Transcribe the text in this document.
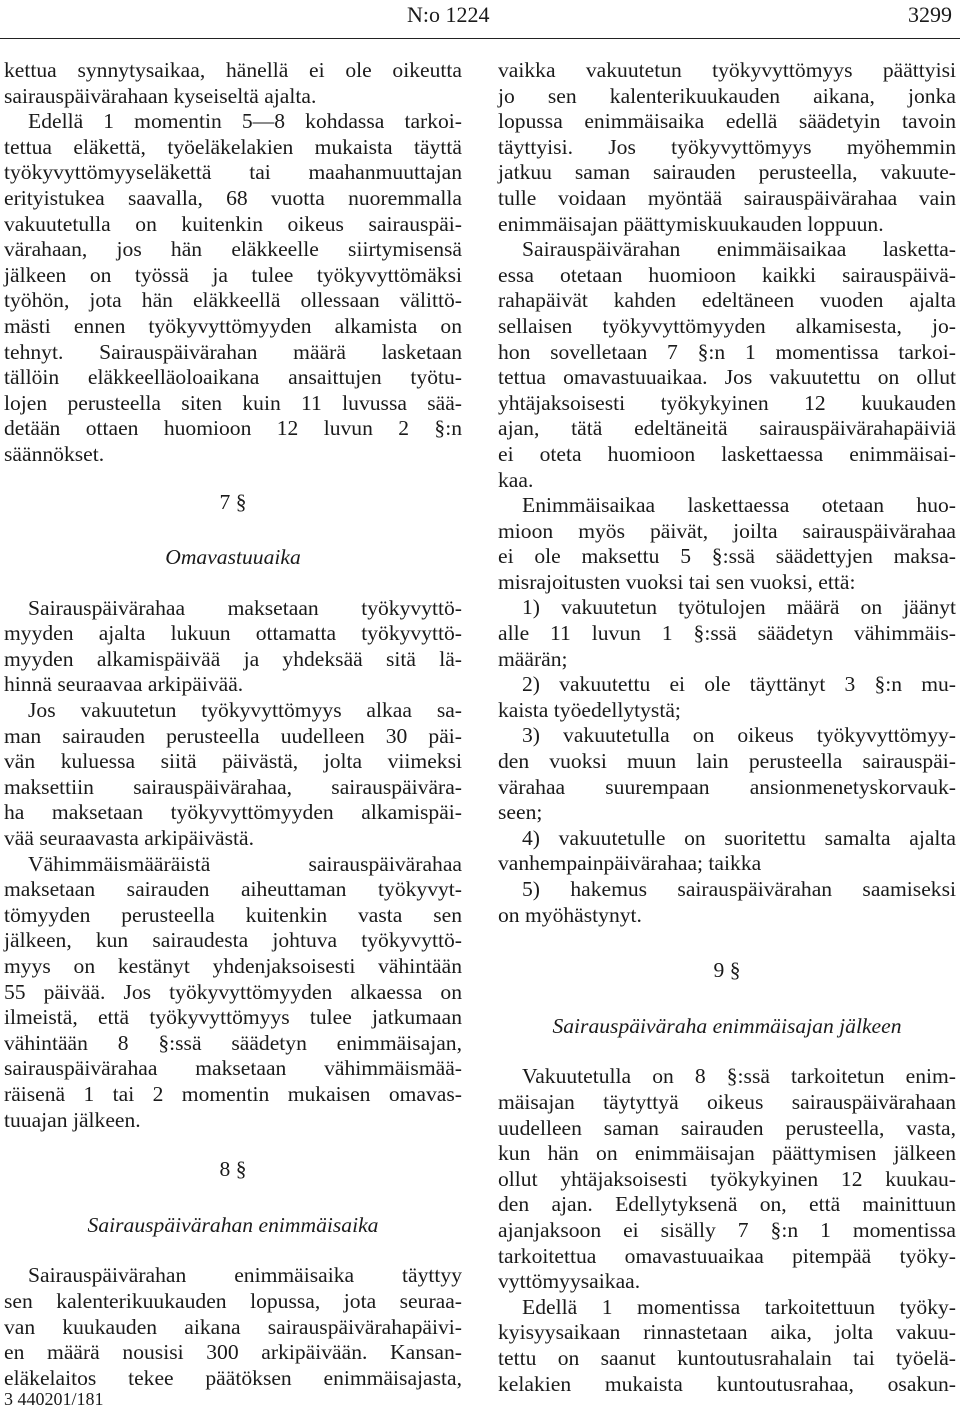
N:o 1224	3299
kettua synnytysaikaa, hänellä ei ole oikeutta
sairauspäivärahaan kyseiseltä ajalta.
Edellä 1 momentin 5—8 kohdassa tarkoi-
tettua eläkettä, työeläkelakien mukaista täyttä
työkyvyttömyyseläkettä tai maahanmuuttajan
erityistukea saavalla, 68 vuotta nuoremmalla
vakuutetulla on kuitenkin oikeus sairauspäi-
värahaan, jos hän eläkkeelle siirtymisensä
jälkeen on työssä ja tulee työkyvyttömäksi
työhön, jota hän eläkkeellä ollessaan välittö-
mästi ennen työkyvyttömyyden alkamista on
tehnyt. Sairauspäivärahan määrä lasketaan
tällöin eläkkeelläoloaikana ansaittujen työtu-
lojen perusteella siten kuin 11 luvussa sää-
detään ottaen huomioon 12 luvun 2 §:n
säännökset.
7 §
Omavastuuaika
Sairauspäivärahaa maksetaan työkyvyttö-
myyden ajalta lukuun ottamatta työkyvyttö-
myyden alkamispäivää ja yhdeksää sitä lä-
hinnä seuraavaa arkipäivää.
Jos vakuutetun työkyvyttömyys alkaa sa-
man sairauden perusteella uudelleen 30 päi-
vän kuluessa siitä päivästä, jolta viimeksi
maksettiin sairauspäivärahaa, sairauspäivära-
ha maksetaan työkyvyttömyyden alkamispäi-
vää seuraavasta arkipäivästä.
Vähimmäismääräistä sairauspäivärahaa
maksetaan sairauden aiheuttaman työkyvyt-
tömyyden perusteella kuitenkin vasta sen
jälkeen, kun sairaudesta johtuva työkyvyttö-
myys on kestänyt yhdenjaksoisesti vähintään
55 päivää. Jos työkyvyttömyyden alkaessa on
ilmeistä, että työkyvyttömyys tulee jatkumaan
vähintään 8 §:ssä säädetyn enimmäisajan,
sairauspäivärahaa maksetaan vähimmäismää-
räisenä 1 tai 2 momentin mukaisen omavas-
tuuajan jälkeen.
8 §
Sairauspäivärahan enimmäisaika
Sairauspäivärahan enimmäisaika täyttyy
sen kalenterikuukauden lopussa, jota seuraa-
van kuukauden aikana sairauspäivärahapäivi-
en määrä nousisi 300 arkipäivään. Kansan-
eläkelaitos tekee päätöksen enimmäisajasta,
vaikka vakuutetun työkyvyttömyys päättyisi
jo sen kalenterikuukauden aikana, jonka
lopussa enimmäisaika edellä säädetyin tavoin
täyttyisi. Jos työkyvyttömyys myöhemmin
jatkuu saman sairauden perusteella, vakuute-
tulle voidaan myöntää sairauspäivärahaa vain
enimmäisajan päättymiskuukauden loppuun.
Sairauspäivärahan enimmäisaikaa lasketta-
essa otetaan huomioon kaikki sairauspäivä-
rahapäivät kahden edeltäneen vuoden ajalta
sellaisen työkyvyttömyyden alkamisesta, jo-
hon sovelletaan 7 §:n 1 momentissa tarkoi-
tettua omavastuuaikaa. Jos vakuutettu on ollut
yhtäjaksoisesti työkykyinen 12 kuukauden
ajan, tätä edeltäneitä sairauspäivärahapäiviä
ei oteta huomioon laskettaessa enimmäisai-
kaa.
Enimmäisaikaa laskettaessa otetaan huo-
mioon myös päivät, joilta sairauspäivärahaa
ei ole maksettu 5 §:ssä säädettyjen maksa-
misrajoitusten vuoksi tai sen vuoksi, että:
1) vakuutetun työtulojen määrä on jäänyt
alle 11 luvun 1 §:ssä säädetyn vähimmäis-
määrän;
2) vakuutettu ei ole täyttänyt 3 §:n mu-
kaista työedellytystä;
3) vakuutetulla on oikeus työkyvyttömyy-
den vuoksi muun lain perusteella sairauspäi-
värahaa suurempaan ansionmenetyskorvauk-
seen;
4) vakuutetulle on suoritettu samalta ajalta
vanhempainpäivärahaa; taikka
5) hakemus sairauspäivärahan saamiseksi
on myöhästynyt.
9 §
Sairauspäiväraha enimmäisajan jälkeen
Vakuutetulla on 8 §:ssä tarkoitetun enim-
mäisajan täytyttyä oikeus sairauspäivärahaan
uudelleen saman sairauden perusteella, vasta,
kun hän on enimmäisajan päättymisen jälkeen
ollut yhtäjaksoisesti työkykyinen 12 kuukau-
den ajan. Edellytyksenä on, että mainittuun
ajanjaksoon ei sisälly 7 §:n 1 momentissa
tarkoitettua omavastuuaikaa pitempää työky-
vyttömyysaikaa.
Edellä 1 momentissa tarkoitettuun työky-
kyisyysaikaan rinnastetaan aika, jolta vakuu-
tettu on saanut kuntoutusrahalain tai työelä-
kelakien mukaista kuntoutusrahaa, osakun-
3 440201/181
